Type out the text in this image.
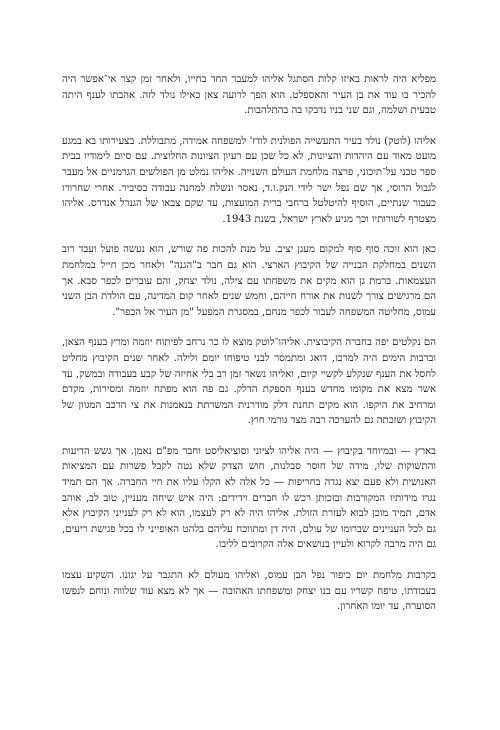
מפליא היה לראות באיזו קלות הסתגל אליהו למעבר החד בחייו, ולאחר זמן קצר אי־אפשר היה להכיר בו עוד את בן העיר והאספלט. הוא הפך לרועה צאן כאילו נולד לזה. אהבתו לענף היתה טבעית ושלמה, וגם שני בניו נדבקו בה בהתלהבות.

אליהו (לוטק) נולד בעיר התעשייה הפולנית לודז' למשפחה אמידה, מתבוללת. בצעירותו בא במגע מועט מאוד עם היהדות והציונות, לא כל שכן עם רעיון הציונות החלוצית. עם סיום לימודיו בבית ספר טכני על־תיכוני, פרצה מלחמת העולם השנייה. אליהו נמלט מן הפולשים הגרמניים אל מעבר לגבול הרוסי, אך שם נפל ישר לידי הנק.ו.ד, נאסר ונשלח למחנה עבודה בסיביר. אחרי שחרורו כעבור שנתיים, הוסיף להיטלטל ברחבי ברית המועצות, עד שקם צבאו של הגנרל אנדרס. אליהו מצטרף לשורותיו וכך מגיע לארץ ישראל, בשנת 1943.

כאן הוא זוכה סוף סוף למקום מעגן יציב. על מנת להכות פה שורש, הוא נעשה פועל ועבד רוב השנים במחלקת הבנייה של הקיבוץ הארצי. הוא גם חבר ב"הגנה" ולאחר מכן חייל במלחמת העצמאות. ברמת גן הוא מקים את משפחתו עם צילה, נולד יצחק, והם עוברים לכפר סבא. אך הם מרגישים צורך לשנות את אורח חייהם, וחמש שנים לאחר קום המדינה, עם הולדת הבן השני עמוס, מחליטה המשפחה לעבור לכפר מנחם, במסגרת המפעל "מן העיר אל הכפר".

הם נקלטים יפה בחברה הקיבוצית. אליהו־לוטק מוצא לו כר נרחב לפיתוח יוזמה ומרץ בענף הצאן, וברבות הימים היה למרכז, דואג ומתמסר לבני טיפוחו יומם ולילה. לאחר שנים הקיבוץ מחליט לחסל את הענף שנקלע לקשיי קיום, ואליהו נשאר זמן רב בלי אחיזה של קבע בעבודה ובמשק, עד אשר מצא את מקומו מחדש בענף הספקת הדלק. גם פה הוא מפתח יוזמה ומסירות, מקדם ומרחיב את היקפו. הוא מקים תחנת דלק מודרנית המשרתת בנאמנות את צי הרכב המגוון של הקיבוץ ושזכתה גם להערכה רבה מצד גורמי חוץ.

בארץ — ובמיוחד בקיבוץ — היה אליהו לציוני וסוציאליסט וחבר מפ"ם נאמן. אך גשש הדיעות והתשוקות שלו, מידה של חוסר סבלנות, חוש הצדק שלא נטה לקבל פשרות עם המציאות האנושית ולא פעם יצא נגדה בחריפות — כל אלה לא הקלו עליו את חיי החברה. אך הם תמיד נגרו מידותיו המקורבות ובזכותן רכש לו חברים וידידים: היה איש שיחה מעניין, טוב לב, אוהב אדם, תמיד מוכן לבוא לעזרת הזולת. אליהו היה לא רק לעצמו, הוא לא רק לענייני הקיבוץ אלא גם לכל העניינים שברומו של עולם, היה דן ומתווכח עליהם בלהט האופייני לו בכל פגישת ריעים, גם היה מרבה לקרוא ולעיין בנושאים אלה הקרובים לליבו.

בקרבות מלחמת יום כיפור נפל הבן עמוס, ואליהו מעולם לא התגבר על יגונו. השקיע עצמו בעבודתו, טיפח קשריו עם בנו יצחק ומשפחתו האהובה — אך לא מצא עוד שלווה ונוחם לנפשו הסוערה, עד יומו האחרון.
